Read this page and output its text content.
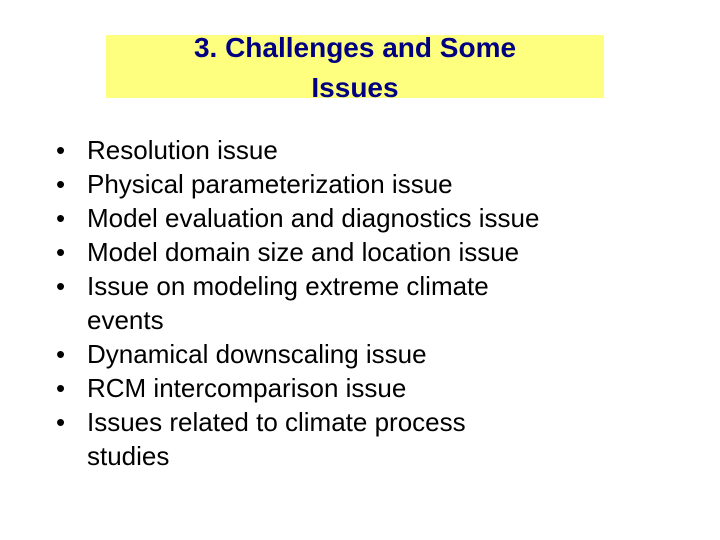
3. Challenges and Some
Issues
• Resolution issue
• Physical parameterization issue
• Model evaluation and diagnostics issue
• Model domain size and location issue
• Issue on modeling extreme climate
events
• Dynamical downscaling issue
• RCM intercomparison issue
• Issues related to climate process
studies
